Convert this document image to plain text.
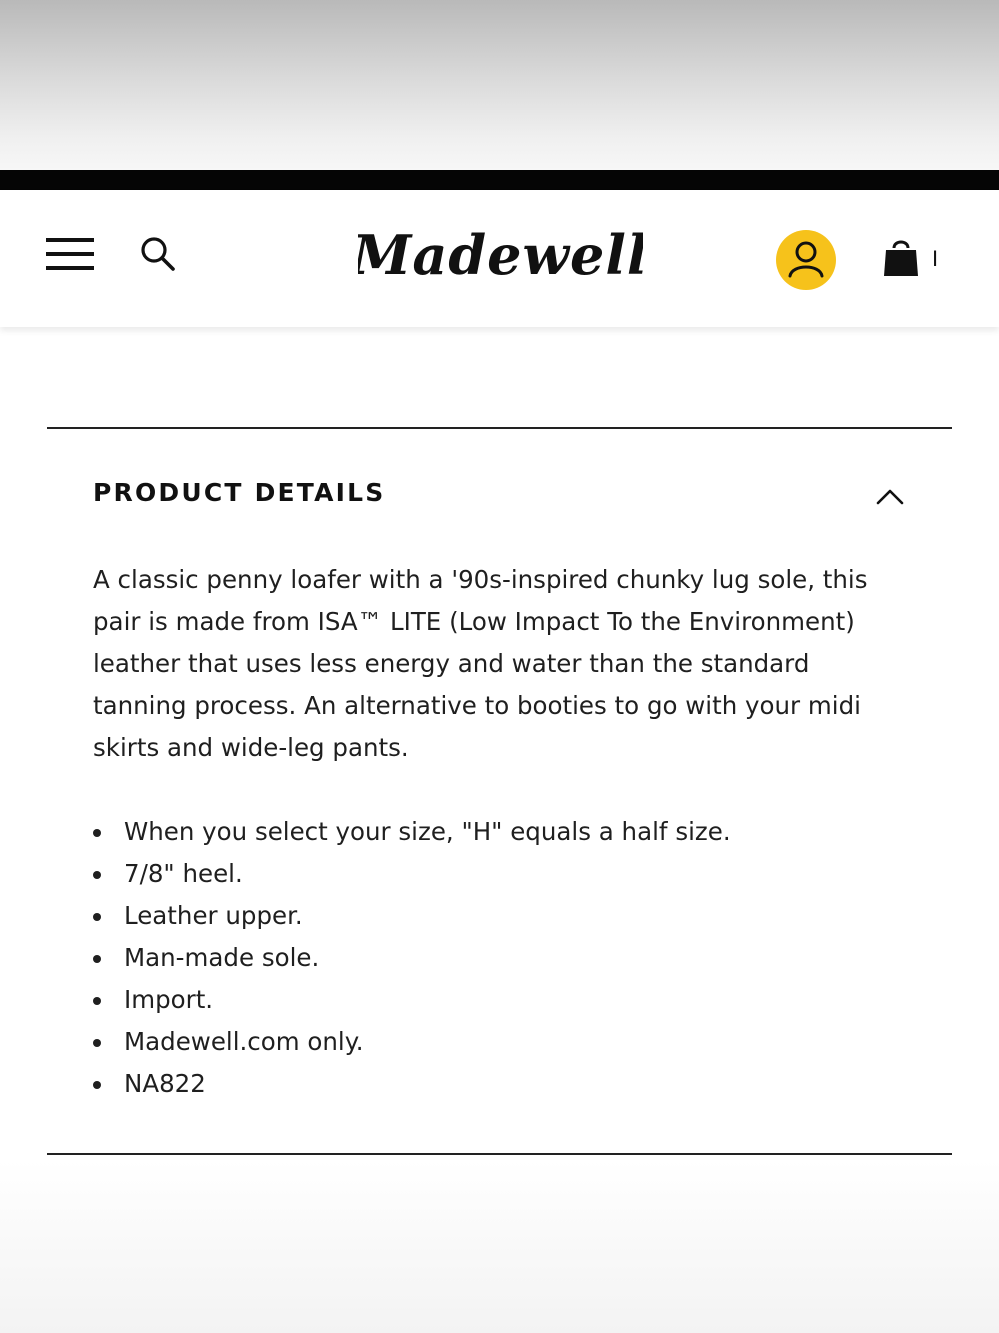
Madewell	I
PRODUCT DETAILS

A classic penny loafer with a '90s-inspired chunky lug sole, this pair is made from ISA™ LITE (Low Impact To the Environment) leather that uses less energy and water than the standard tanning process. An alternative to booties to go with your midi skirts and wide-leg pants.

When you select your size, "H" equals a half size.
7/8" heel.
Leather upper.
Man-made sole.
Import.
Madewell.com only.
NA822
